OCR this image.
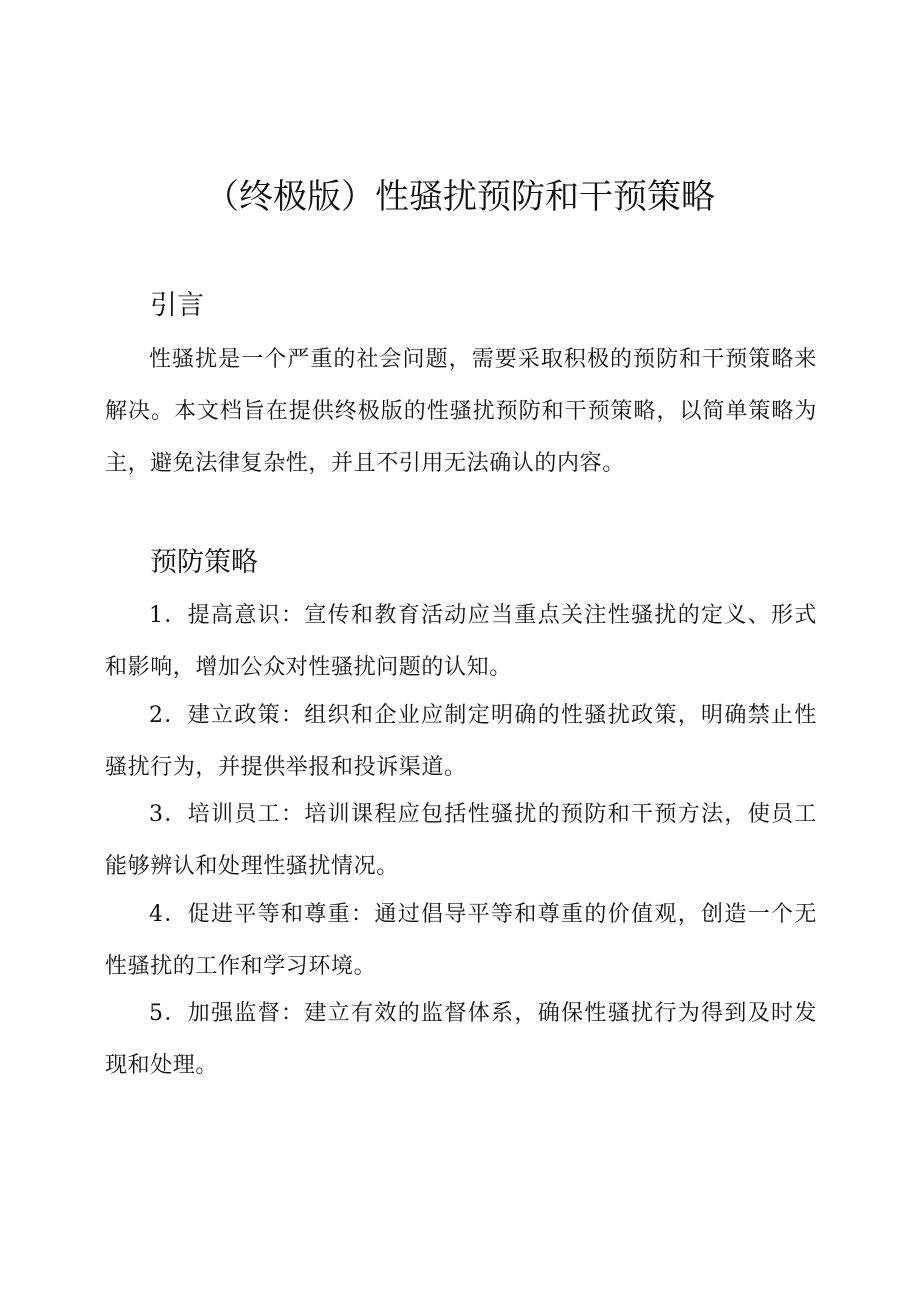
（终极版）性骚扰预防和干预策略
引言

性骚扰是一个严重的社会问题，需要采取积极的预防和干预策略来解决。本文档旨在提供终极版的性骚扰预防和干预策略，以简单策略为主，避免法律复杂性，并且不引用无法确认的内容。

预防策略

1．提高意识：宣传和教育活动应当重点关注性骚扰的定义、形式和影响，增加公众对性骚扰问题的认知。

2．建立政策：组织和企业应制定明确的性骚扰政策，明确禁止性骚扰行为，并提供举报和投诉渠道。

3．培训员工：培训课程应包括性骚扰的预防和干预方法，使员工能够辨认和处理性骚扰情况。

4．促进平等和尊重：通过倡导平等和尊重的价值观，创造一个无性骚扰的工作和学习环境。

5．加强监督：建立有效的监督体系，确保性骚扰行为得到及时发现和处理。
